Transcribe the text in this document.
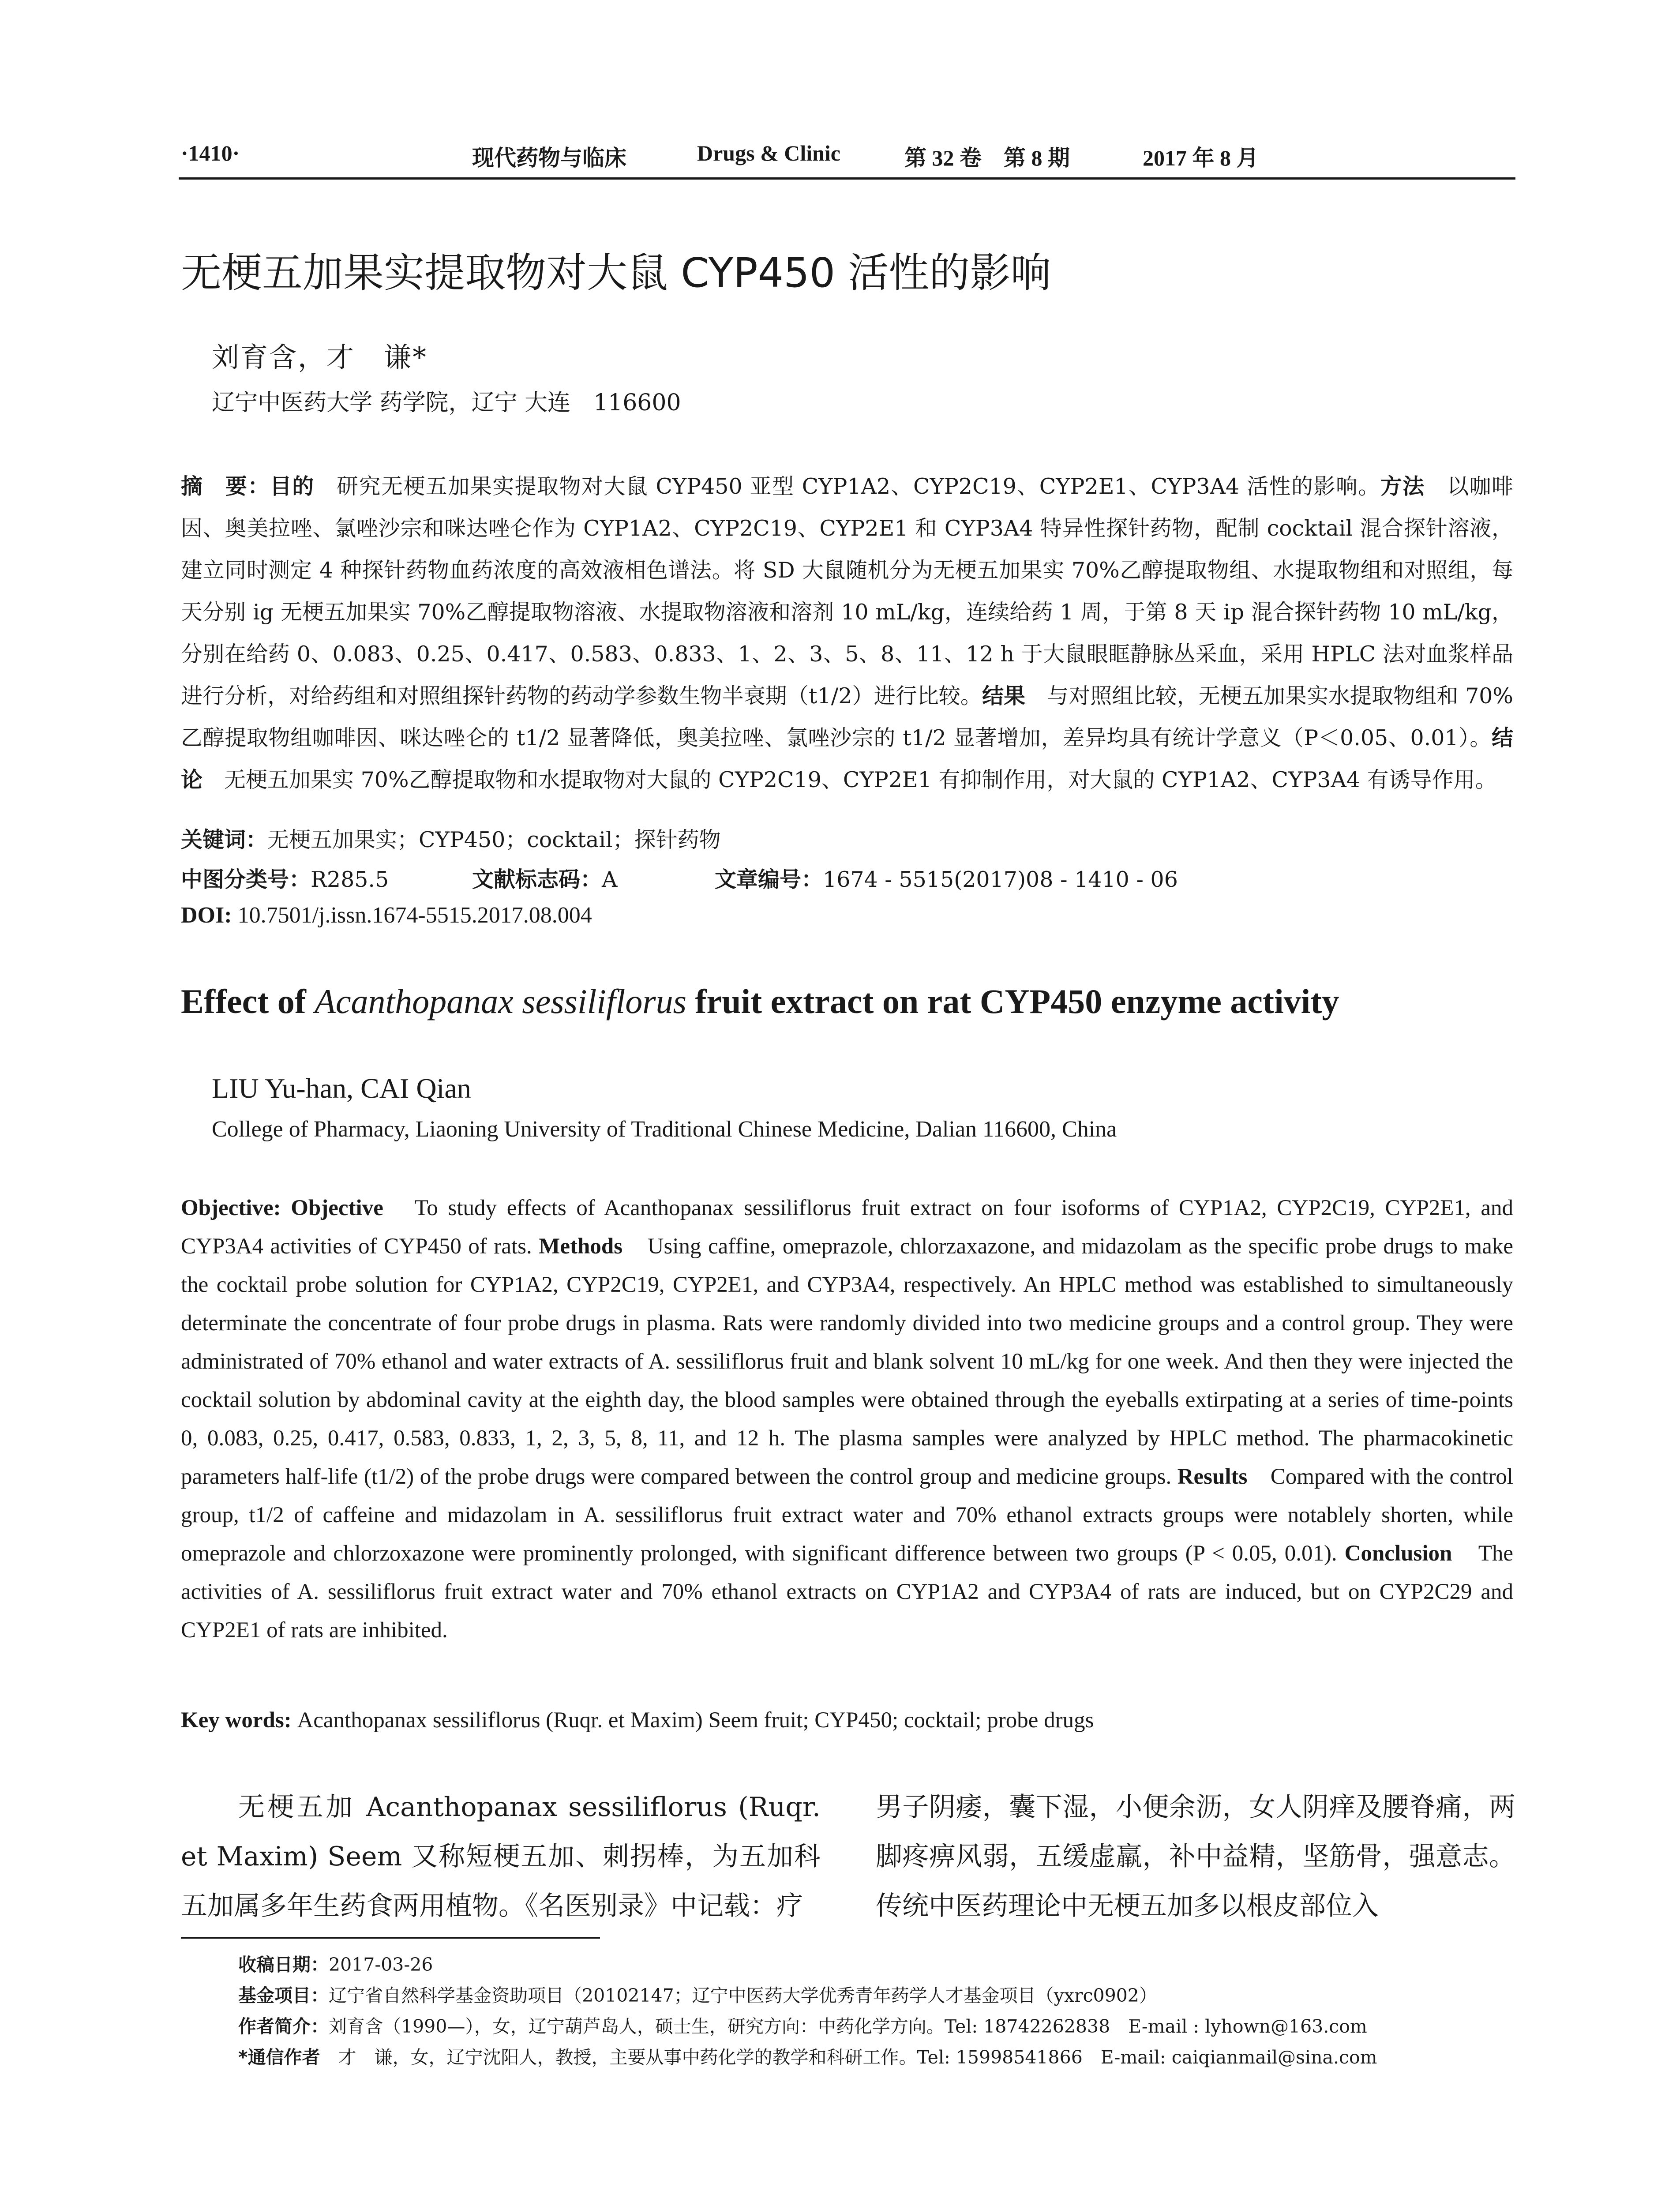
·1410·	现代药物与临床	Drugs & Clinic	第 32 卷　第 8 期	2017 年 8 月
无梗五加果实提取物对大鼠 CYP450 活性的影响
刘育含，才　谦*
辽宁中医药大学 药学院，辽宁 大连　116600

摘　要：目的　研究无梗五加果实提取物对大鼠 CYP450 亚型 CYP1A2、CYP2C19、CYP2E1、CYP3A4 活性的影响。方法　以咖啡因、奥美拉唑、氯唑沙宗和咪达唑仑作为 CYP1A2、CYP2C19、CYP2E1 和 CYP3A4 特异性探针药物，配制 cocktail 混合探针溶液，建立同时测定 4 种探针药物血药浓度的高效液相色谱法。将 SD 大鼠随机分为无梗五加果实 70%乙醇提取物组、水提取物组和对照组，每天分别 ig 无梗五加果实 70%乙醇提取物溶液、水提取物溶液和溶剂 10 mL/kg，连续给药 1 周，于第 8 天 ip 混合探针药物 10 mL/kg，分别在给药 0、0.083、0.25、0.417、0.583、0.833、1、2、3、5、8、11、12 h 于大鼠眼眶静脉丛采血，采用 HPLC 法对血浆样品进行分析，对给药组和对照组探针药物的药动学参数生物半衰期（t1/2）进行比较。结果　与对照组比较，无梗五加果实水提取物组和 70%乙醇提取物组咖啡因、咪达唑仑的 t1/2 显著降低，奥美拉唑、氯唑沙宗的 t1/2 显著增加，差异均具有统计学意义（P＜0.05、0.01）。结论　无梗五加果实 70%乙醇提取物和水提取物对大鼠的 CYP2C19、CYP2E1 有抑制作用，对大鼠的 CYP1A2、CYP3A4 有诱导作用。

关键词：无梗五加果实；CYP450；cocktail；探针药物
中图分类号：R285.5	文献标志码：A	文章编号：1674 - 5515(2017)08 - 1410 - 06
DOI: 10.7501/j.issn.1674-5515.2017.08.004
Effect of Acanthopanax sessiliflorus fruit extract on rat CYP450 enzyme activity
LIU Yu-han, CAI Qian
College of Pharmacy, Liaoning University of Traditional Chinese Medicine, Dalian 116600, China

Objective: Objective　To study effects of Acanthopanax sessiliflorus fruit extract on four isoforms of CYP1A2, CYP2C19, CYP2E1, and CYP3A4 activities of CYP450 of rats. Methods　Using caffine, omeprazole, chlorzaxazone, and midazolam as the specific probe drugs to make the cocktail probe solution for CYP1A2, CYP2C19, CYP2E1, and CYP3A4, respectively. An HPLC method was established to simultaneously determinate the concentrate of four probe drugs in plasma. Rats were randomly divided into two medicine groups and a control group. They were administrated of 70% ethanol and water extracts of A. sessiliflorus fruit and blank solvent 10 mL/kg for one week. And then they were injected the cocktail solution by abdominal cavity at the eighth day, the blood samples were obtained through the eyeballs extirpating at a series of time-points 0, 0.083, 0.25, 0.417, 0.583, 0.833, 1, 2, 3, 5, 8, 11, and 12 h. The plasma samples were analyzed by HPLC method. The pharmacokinetic parameters half-life (t1/2) of the probe drugs were compared between the control group and medicine groups. Results　Compared with the control group, t1/2 of caffeine and midazolam in A. sessiliflorus fruit extract water and 70% ethanol extracts groups were notablely shorten, while omeprazole and chlorzoxazone were prominently prolonged, with significant difference between two groups (P < 0.05, 0.01). Conclusion　The activities of A. sessiliflorus fruit extract water and 70% ethanol extracts on CYP1A2 and CYP3A4 of rats are induced, but on CYP2C29 and CYP2E1 of rats are inhibited.

Key words: Acanthopanax sessiliflorus (Ruqr. et Maxim) Seem fruit; CYP450; cocktail; probe drugs

无梗五加 Acanthopanax sessiliflorus (Ruqr. et Maxim) Seem 又称短梗五加、刺拐棒，为五加科五加属多年生药食两用植物。《名医别录》中记载：疗

男子阴痿，囊下湿，小便余沥，女人阴痒及腰脊痛，两脚疼痹风弱，五缓虚羸，补中益精，坚筋骨，强意志。传统中医药理论中无梗五加多以根皮部位入

收稿日期：2017-03-26
基金项目：辽宁省自然科学基金资助项目（20102147；辽宁中医药大学优秀青年药学人才基金项目（yxrc0902）
作者简介：刘育含（1990—），女，辽宁葫芦岛人，硕士生，研究方向：中药化学方向。Tel: 18742262838　E-mail : lyhown@163.com
*通信作者　才　谦，女，辽宁沈阳人，教授，主要从事中药化学的教学和科研工作。Tel: 15998541866　E-mail: caiqianmail@sina.com
